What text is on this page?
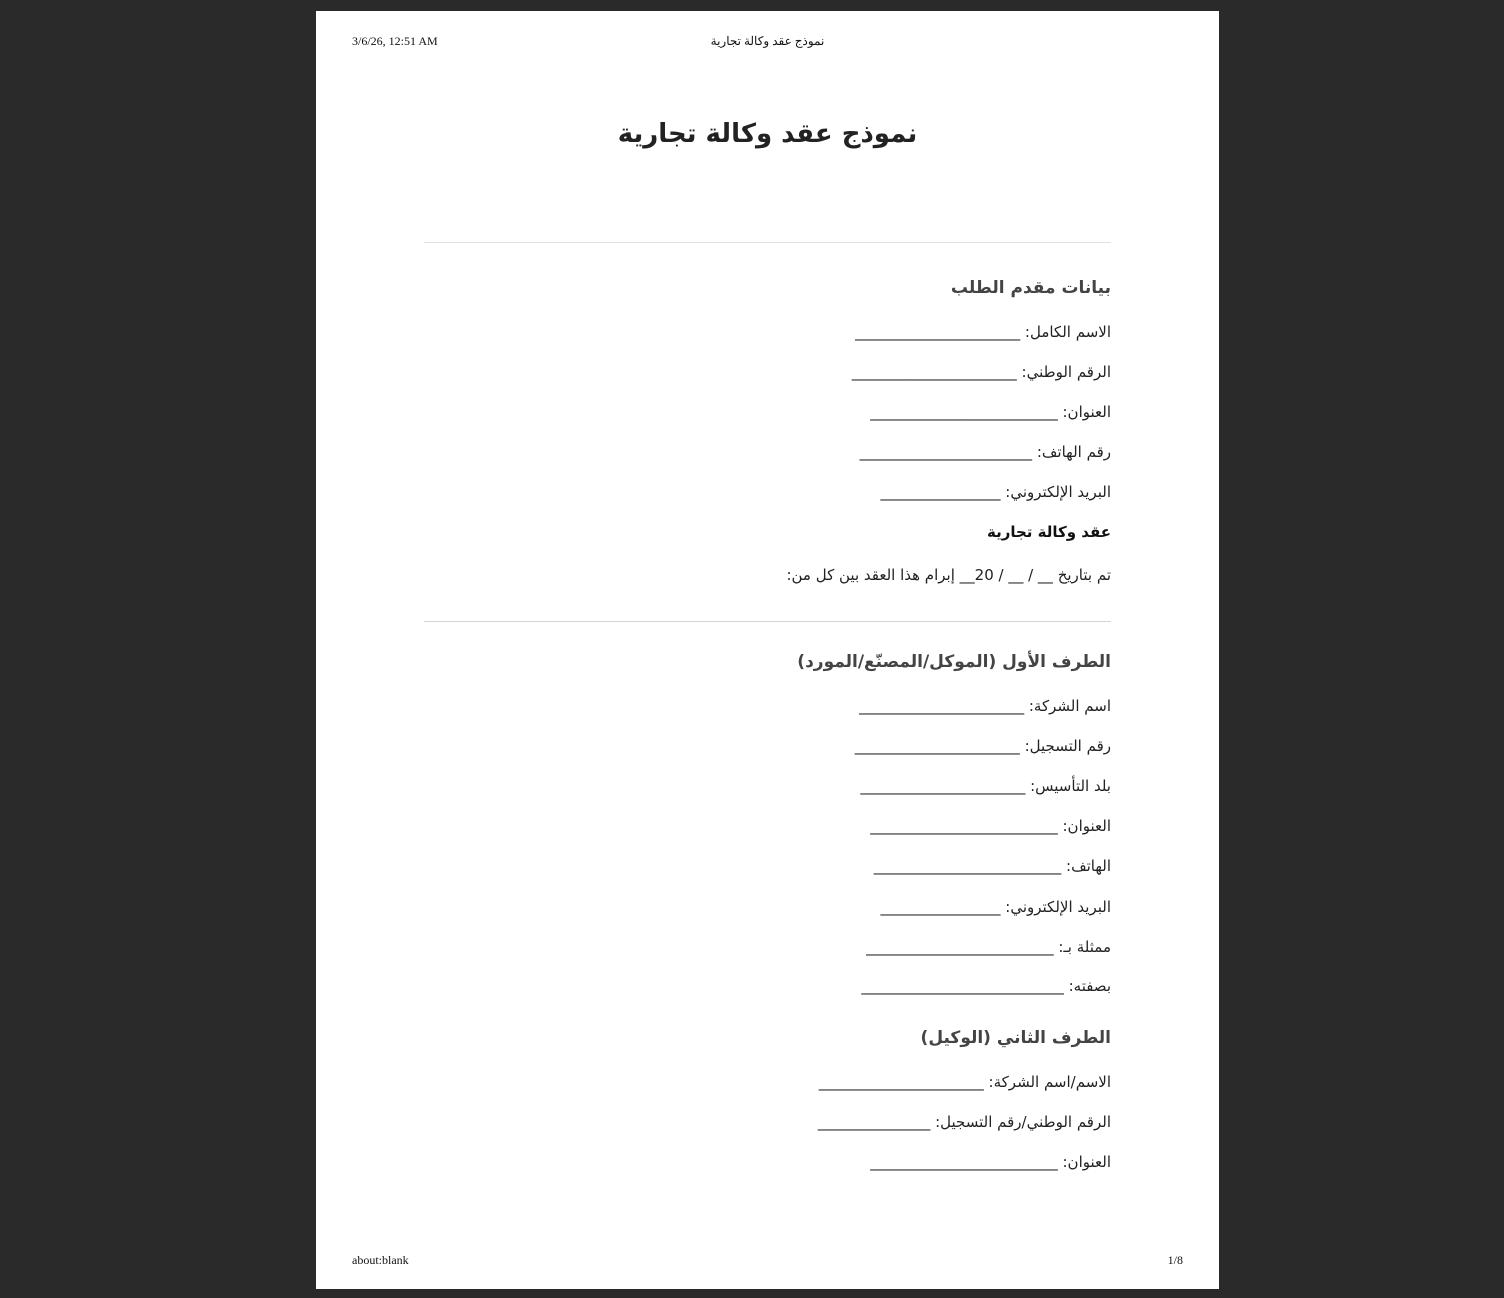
3/6/26, 12:51 AM	نموذج عقد وكالة تجارية
نموذج عقد وكالة تجارية
بيانات مقدم الطلب
الاسم الكامل: ______________________
الرقم الوطني: ______________________
العنوان: _________________________
رقم الهاتف: _______________________
البريد الإلكتروني: ________________
عقد وكالة تجارية
تم بتاريخ __ / __ / 20__ إبرام هذا العقد بين كل من:
الطرف الأول (الموكل/المصنّع/المورد)
اسم الشركة: ______________________
رقم التسجيل: ______________________
بلد التأسيس: ______________________
العنوان: _________________________
الهاتف: _________________________
البريد الإلكتروني: ________________
ممثلة بـ: _________________________
بصفته: ___________________________
الطرف الثاني (الوكيل)
الاسم/اسم الشركة: ______________________
الرقم الوطني/رقم التسجيل: _______________
العنوان: _________________________
about:blank	1/8
